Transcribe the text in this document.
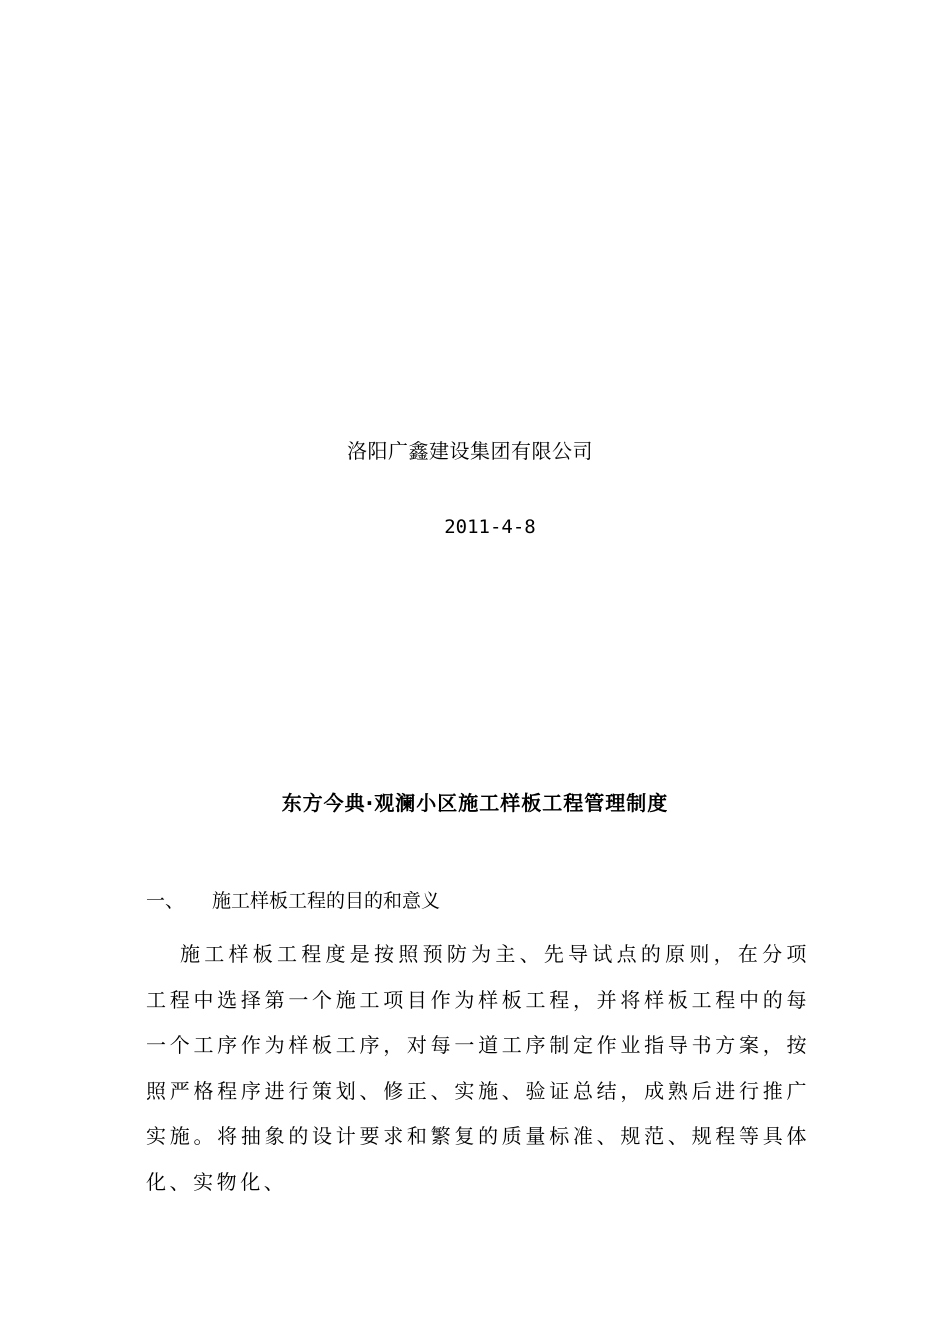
洛阳广鑫建设集团有限公司
2011-4-8
东方今典·观澜小区施工样板工程管理制度
一、 施工样板工程的目的和意义
施工样板工程度是按照预防为主、先导试点的原则，在分项工程中选择第一个施工项目作为样板工程，并将样板工程中的每一个工序作为样板工序，对每一道工序制定作业指导书方案，按照严格程序进行策划、修正、实施、验证总结，成熟后进行推广实施。将抽象的设计要求和繁复的质量标准、规范、规程等具体化、实物化、
